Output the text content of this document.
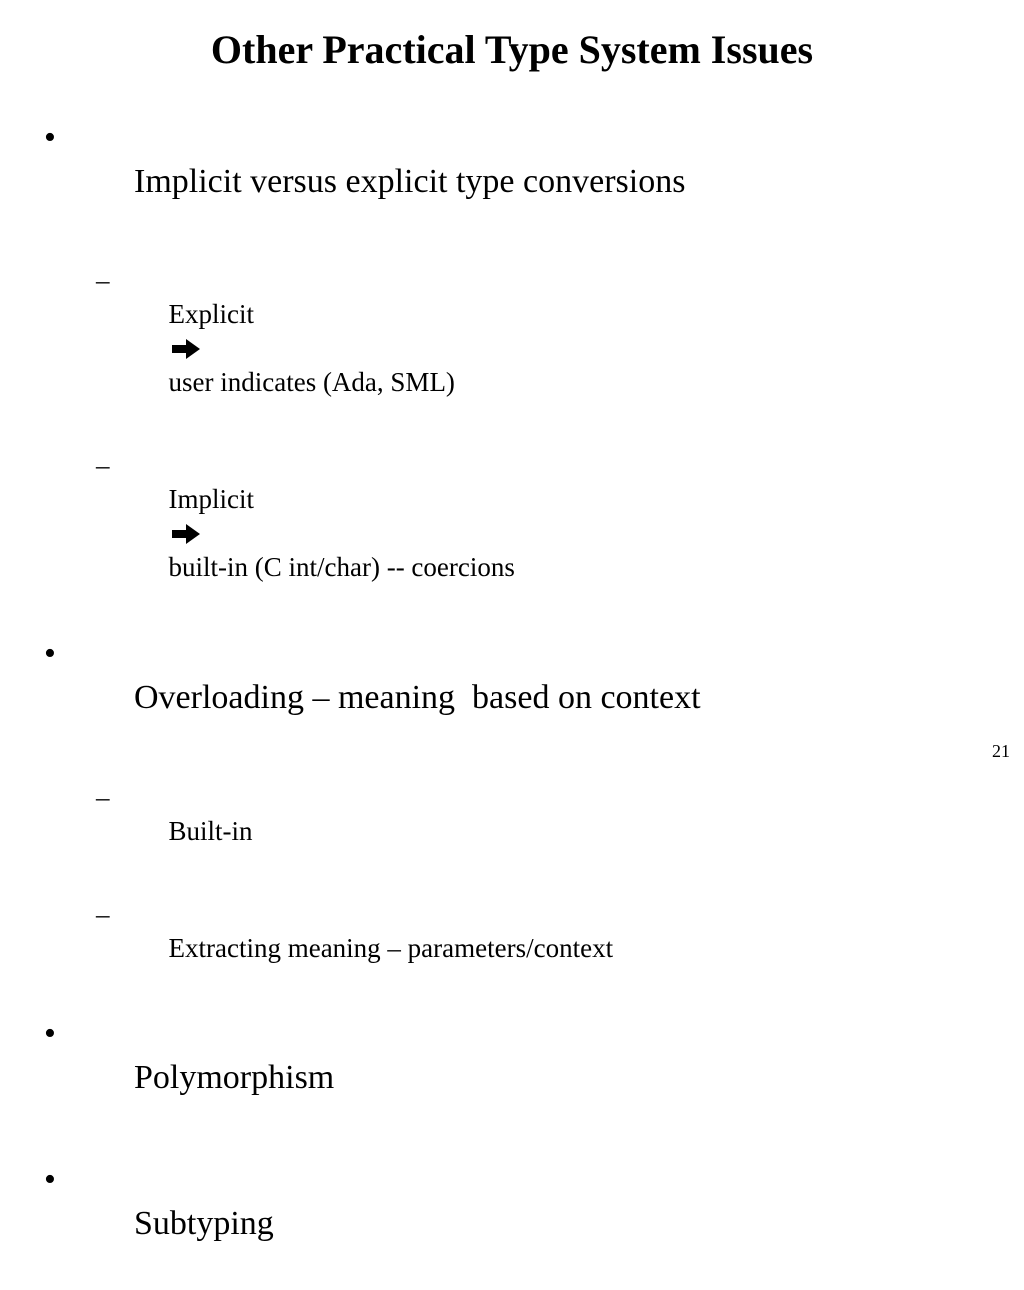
Other Practical Type System Issues

•
Implicit versus explicit type conversions

–
Explicit

user indicates (Ada, SML)

–
Implicit

built-in (C int/char) -- coercions

•
Overloading – meaning  based on context

–
Built-in

–
Extracting meaning – parameters/context

•
Polymorphism

•
Subtyping

21
